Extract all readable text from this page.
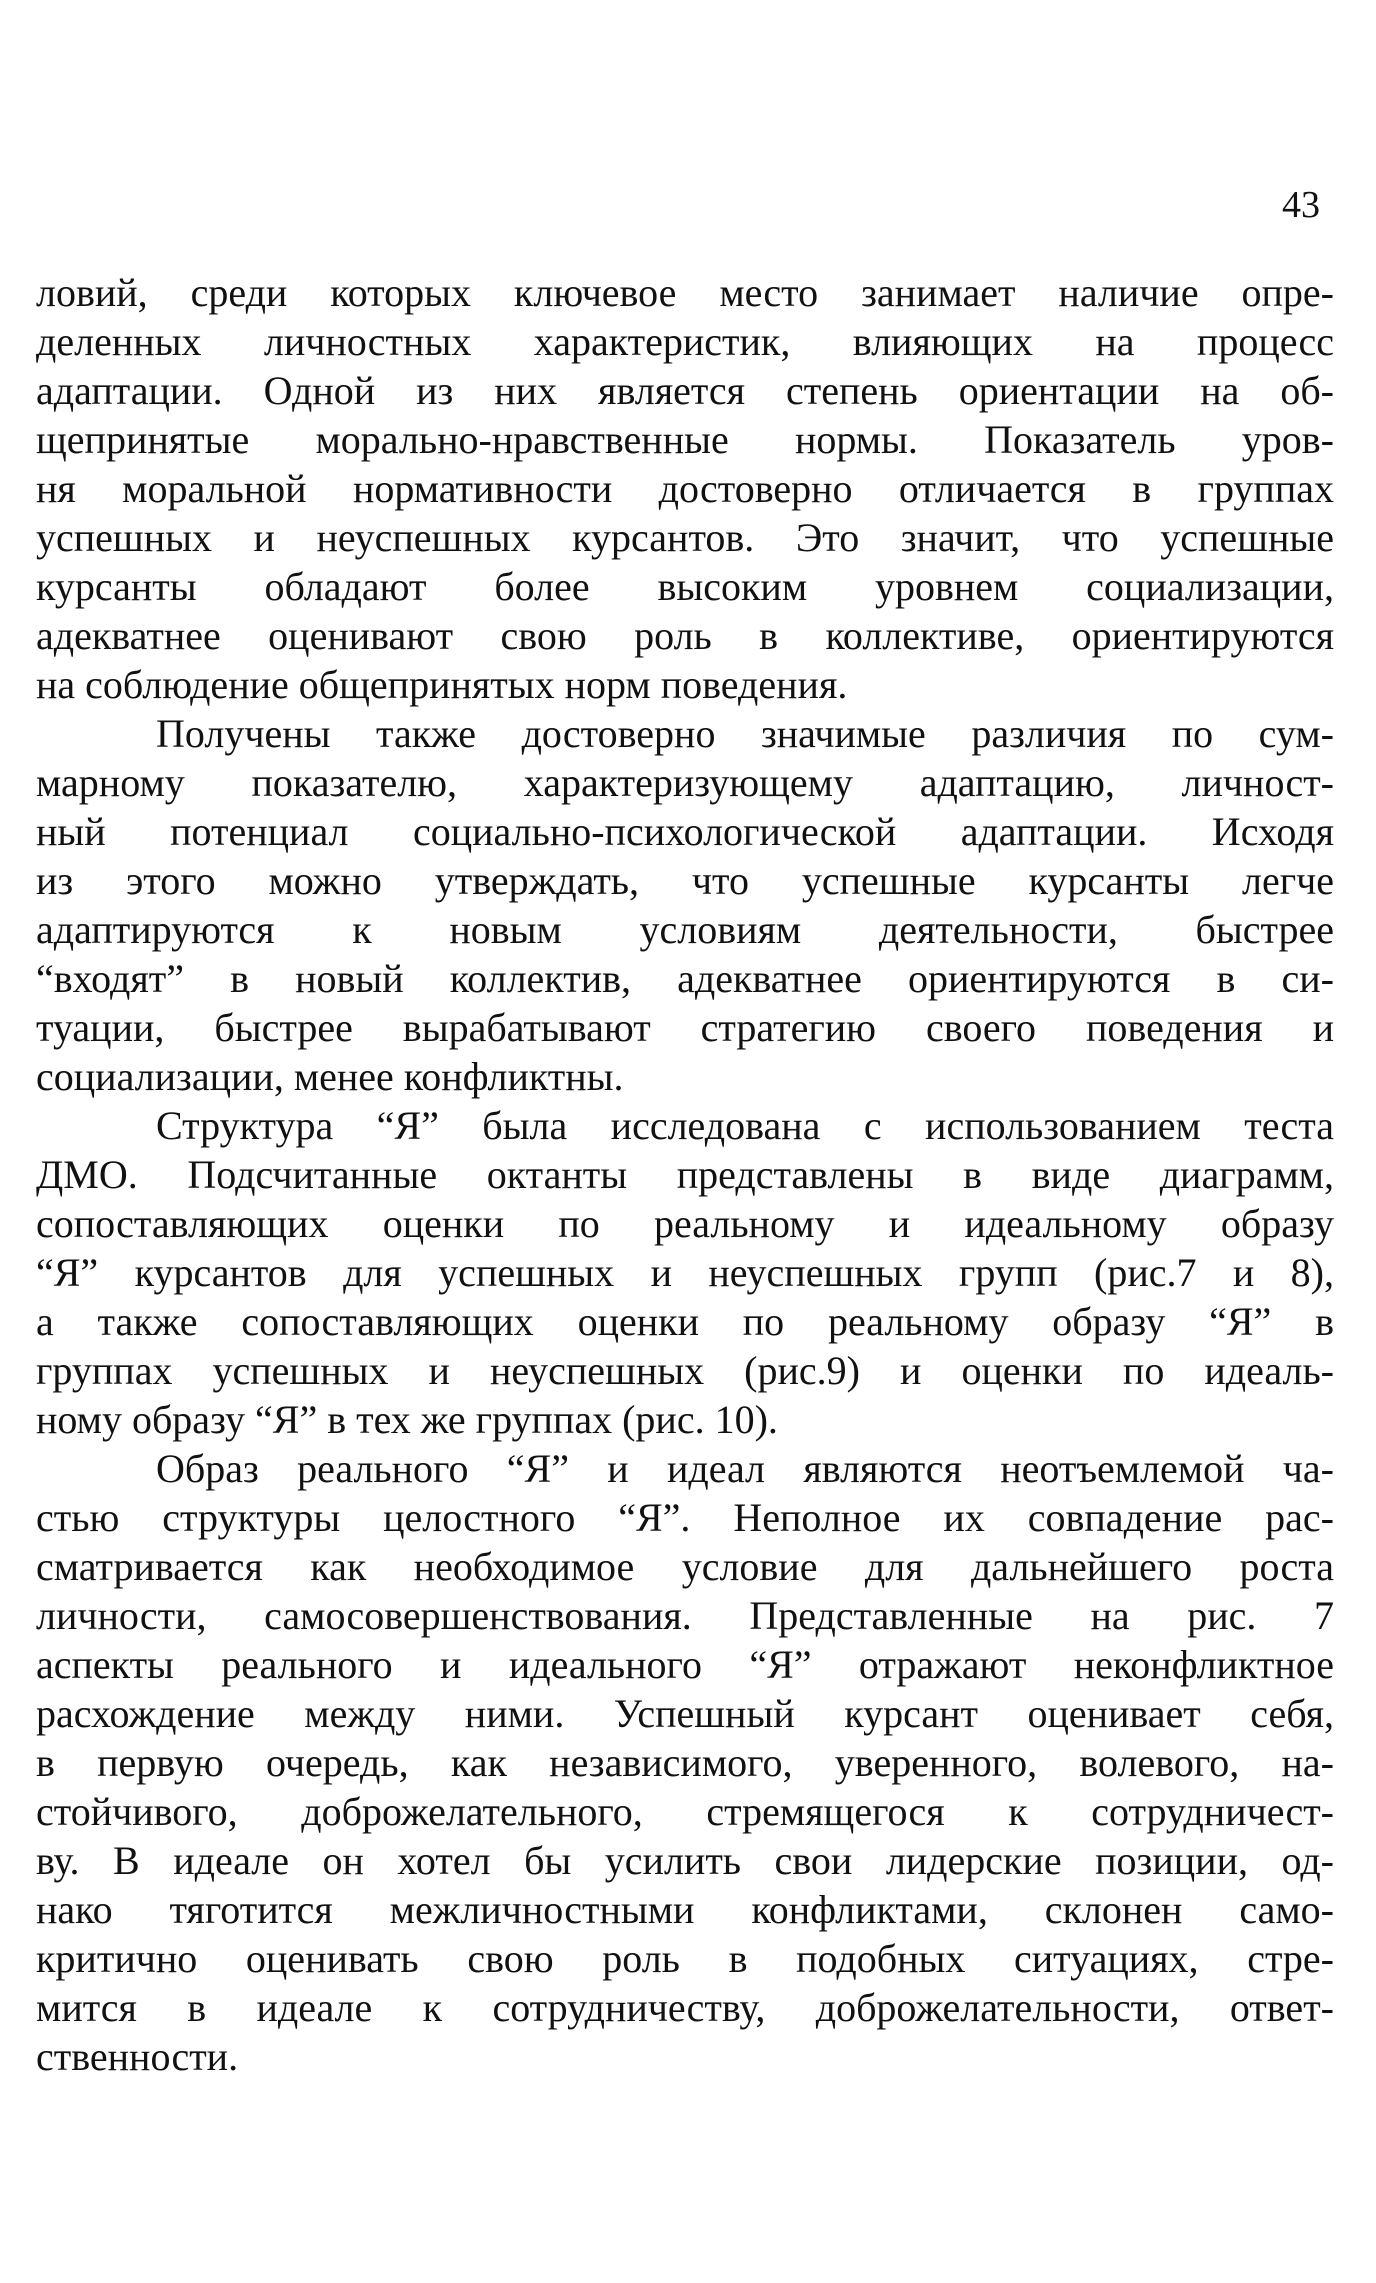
43
ловий, среди которых ключевое место занимает наличие опре-
деленных личностных характеристик, влияющих на процесс
адаптации. Одной из них является степень ориентации на об-
щепринятые морально-нравственные нормы. Показатель уров-
ня моральной нормативности достоверно отличается в группах
успешных и неуспешных курсантов. Это значит, что успешные
курсанты обладают более высоким уровнем социализации,
адекватнее оценивают свою роль в коллективе, ориентируются
на соблюдение общепринятых норм поведения.
Получены также достоверно значимые различия по сум-
марному показателю, характеризующему адаптацию, личност-
ный потенциал социально-психологической адаптации. Исходя
из этого можно утверждать, что успешные курсанты легче
адаптируются к новым условиям деятельности, быстрее
“входят” в новый коллектив, адекватнее ориентируются в си-
туации, быстрее вырабатывают стратегию своего поведения и
социализации, менее конфликтны.
Структура “Я” была исследована с использованием теста
ДМО. Подсчитанные октанты представлены в виде диаграмм,
сопоставляющих оценки по реальному и идеальному образу
“Я” курсантов для успешных и неуспешных групп (рис.7 и 8),
а также сопоставляющих оценки по реальному образу “Я” в
группах успешных и неуспешных (рис.9) и оценки по идеаль-
ному образу “Я” в тех же группах (рис. 10).
Образ реального “Я” и идеал являются неотъемлемой ча-
стью структуры целостного “Я”. Неполное их совпадение рас-
сматривается как необходимое условие для дальнейшего роста
личности, самосовершенствования. Представленные на рис. 7
аспекты реального и идеального “Я” отражают неконфликтное
расхождение между ними. Успешный курсант оценивает себя,
в первую очередь, как независимого, уверенного, волевого, на-
стойчивого, доброжелательного, стремящегося к сотрудничест-
ву. В идеале он хотел бы усилить свои лидерские позиции, од-
нако тяготится межличностными конфликтами, склонен само-
критично оценивать свою роль в подобных ситуациях, стре-
мится в идеале к сотрудничеству, доброжелательности, ответ-
ственности.
